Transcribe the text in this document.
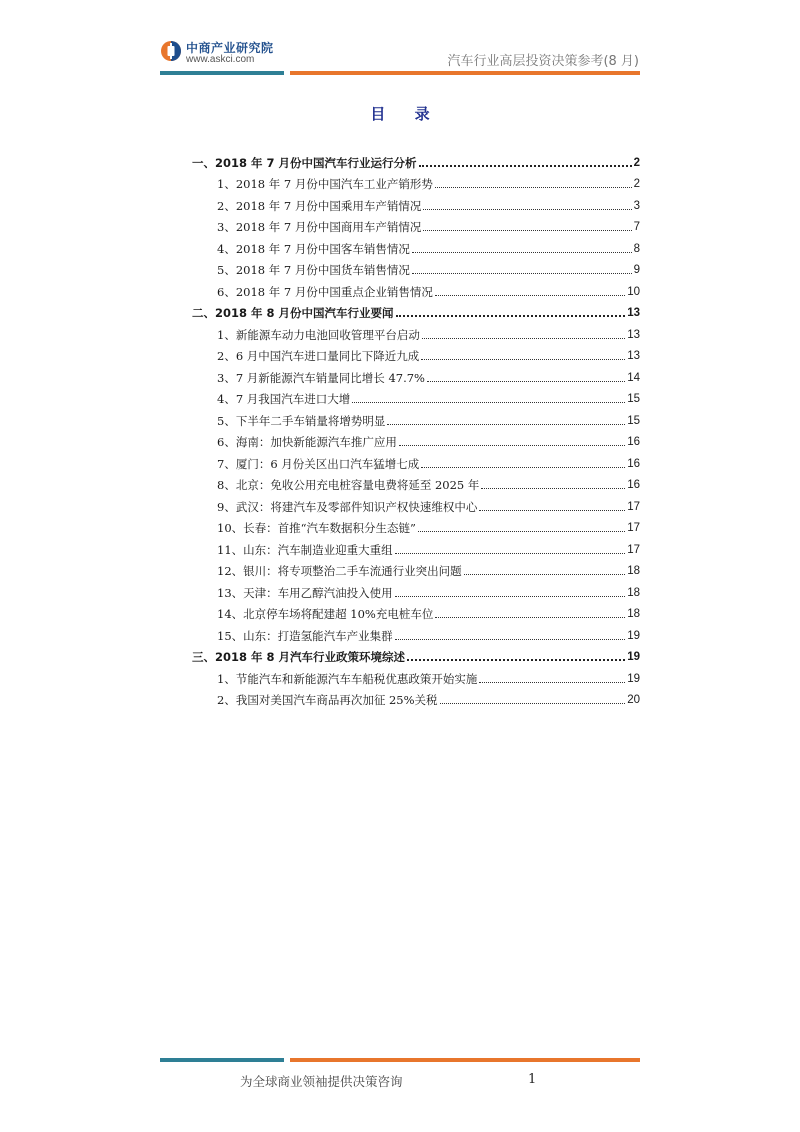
中商产业研究院
www.askci.com	汽车行业高层投资决策参考(8 月)
目 录
一、2018 年 7 月份中国汽车行业运行分析	2
1、2018 年 7 月份中国汽车工业产销形势	2
2、2018 年 7 月份中国乘用车产销情况	3
3、2018 年 7 月份中国商用车产销情况	7
4、2018 年 7 月份中国客车销售情况	8
5、2018 年 7 月份中国货车销售情况	9
6、2018 年 7 月份中国重点企业销售情况	10
二、2018 年 8 月份中国汽车行业要闻	13
1、新能源车动力电池回收管理平台启动	13
2、6 月中国汽车进口量同比下降近九成	13
3、7 月新能源汽车销量同比增长 47.7%	14
4、7 月我国汽车进口大增	15
5、下半年二手车销量将增势明显	15
6、海南：加快新能源汽车推广应用	16
7、厦门：6 月份关区出口汽车猛增七成	16
8、北京：免收公用充电桩容量电费将延至 2025 年	16
9、武汉：将建汽车及零部件知识产权快速维权中心	17
10、长春：首推“汽车数据积分生态链”	17
11、山东：汽车制造业迎重大重组	17
12、银川：将专项整治二手车流通行业突出问题	18
13、天津：车用乙醇汽油投入使用	18
14、北京停车场将配建超 10%充电桩车位	18
15、山东：打造氢能汽车产业集群	19
三、2018 年 8 月汽车行业政策环境综述	19
1、节能汽车和新能源汽车车船税优惠政策开始实施	19
2、我国对美国汽车商品再次加征 25%关税	20
为全球商业领袖提供决策咨询	1
